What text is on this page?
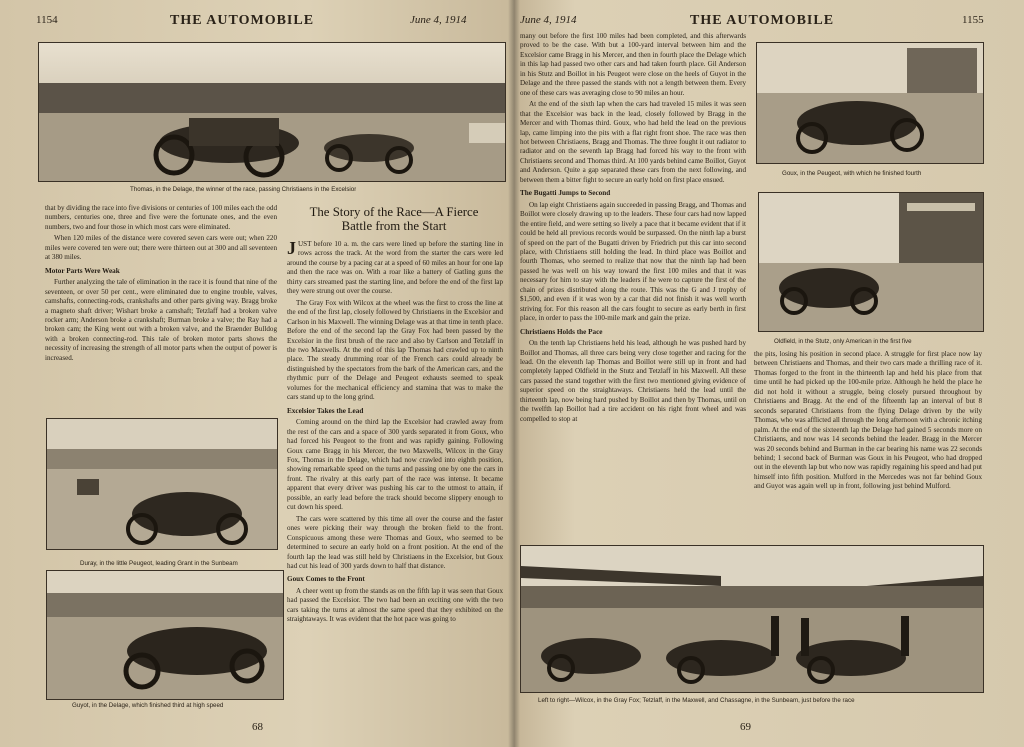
1154	THE AUTOMOBILE	June 4, 1914
Thomas, in the Delage, the winner of the race, passing Christiaens in the Excelsior

that by dividing the race into five divisions or centuries of 100 miles each the odd numbers, centuries one, three and five were the fortunate ones, and the even numbers, two and four those in which most cars were eliminated.

When 120 miles of the distance were covered seven cars were out; when 220 miles were covered ten were out; there were thirteen out at 300 and all seventeen at 380 miles.

Motor Parts Were Weak

Further analyzing the tale of elimination in the race it is found that nine of the seventeen, or over 50 per cent., were eliminated due to engine trouble, valves, camshafts, connecting-rods, crankshafts and other parts giving way. Bragg broke a magneto shaft driver; Wishart broke a camshaft; Tetzlaff had a broken valve rocker arm; Anderson broke a crankshaft; Burman broke a valve; the Ray had a broken cam; the King went out with a broken valve, and the Braender Bulldog with a broken connecting-rod. This tale of broken motor parts shows the necessity of increasing the strength of all motor parts when the output of power is increased.

Duray, in the little Peugeot, leading Grant in the Sunbeam
Guyot, in the Delage, which finished third at high speed
The Story of the Race—A Fierce
Battle from the Start

JUST before 10 a. m. the cars were lined up before the starting line in rows across the track. At the word from the starter the cars were led around the course by a pacing car at a speed of 60 miles an hour for one lap and then the race was on. With a roar like a battery of Gatling guns the thirty cars streamed past the starting line, and before the end of the first lap they were strung out over the course.

The Gray Fox with Wilcox at the wheel was the first to cross the line at the end of the first lap, closely followed by Christiaens in the Excelsior and Carlson in his Maxwell. The winning Delage was at that time in tenth place. Before the end of the second lap the Gray Fox had been passed by the Excelsior in the first brush of the race and also by Carlson and Tetzlaff in the two Maxwells. At the end of this lap Thomas had crawled up to ninth place. The steady drumming roar of the French cars could already be distinguished by the spectators from the bark of the American cars, and the rhythmic purr of the Delage and Peugeot exhausts seemed to speak volumes for the mechanical efficiency and stamina that was to make the cars stand up to the long grind.

Excelsior Takes the Lead

Coming around on the third lap the Excelsior had crawled away from the rest of the cars and a space of 300 yards separated it from Goux, who had forced his Peugeot to the front and was rapidly gaining. Following Goux came Bragg in his Mercer, the two Maxwells, Wilcox in the Gray Fox, Thomas in the Delage, which had now crawled into eighth position, showing remarkable speed on the turns and passing one by one the cars in front. The rivalry at this early part of the race was intense. It became apparent that every driver was pushing his car to the utmost to attain, if possible, an early lead before the track should become slippery enough to cut down his speed.

The cars were scattered by this time all over the course and the faster ones were picking their way through the broken field to the front. Conspicuous among these were Thomas and Goux, who seemed to be determined to secure an early hold on a front position. At the end of the fourth lap the lead was still held by Christiaens in the Excelsior, but Goux had cut his lead of 300 yards down to half that distance.

Goux Comes to the Front

A cheer went up from the stands as on the fifth lap it was seen that Goux had passed the Excelsior. The two had been an exciting one with the two cars taking the turns at almost the same speed that they exhibited on the straightaways. It was evident that the hot pace was going to

68
June 4, 1914	THE AUTOMOBILE	1155

many out before the first 100 miles had been completed, and this afterwards proved to be the case. With but a 100-yard interval between him and the Excelsior came Bragg in his Mercer, and then in fourth place the Delage which in this lap had passed two other cars and had taken fourth place. Gil Anderson in his Stutz and Boillot in his Peugeot were close on the heels of Guyot in the Delage and the three passed the stands with not a length between them. Every one of these cars was averaging close to 90 miles an hour.

At the end of the sixth lap when the cars had traveled 15 miles it was seen that the Excelsior was back in the lead, closely followed by Bragg in the Mercer and with Thomas third. Goux, who had held the lead on the previous lap, came limping into the pits with a flat right front shoe. The race was then hot between Christiaens, Bragg and Thomas. The three fought it out radiator to radiator and on the seventh lap Bragg had forced his way to the front with Christiaens second and Thomas third. At 100 yards behind came Boillot, Guyot and Anderson. Quite a gap separated these cars from the next following, and between them a bitter fight to secure an early hold on first place ensued.

The Bugatti Jumps to Second

On lap eight Christiaens again succeeded in passing Bragg, and Thomas and Boillot were closely drawing up to the leaders. These four cars had now lapped the entire field, and were setting so lively a pace that it became evident that if it could be held all previous records would be surpassed. On the ninth lap a burst of speed on the part of the Bugatti driven by Friedrich put this car into second place, with Christiaens still holding the lead. In third place was Boillot and fourth Thomas, who seemed to realize that now that the ninth lap had been passed he was well on his way toward the first 100 miles and that it was necessary for him to stay with the leaders if he were to capture the first of the chain of prizes distributed along the route. This was the G and J trophy of $1,500, and even if it was won by a car that did not finish it was well worth striving for. For this reason all the cars fought to secure as early berth in first place, in order to pass the 100-mile mark and gain the prize.

Christiaens Holds the Pace

On the tenth lap Christiaens held his lead, although he was pushed hard by Boillot and Thomas, all three cars being very close together and racing for the lead. On the eleventh lap Thomas and Boillot were still up in front and had completely lapped Oldfield in the Stutz and Tetzlaff in his Maxwell. All these cars passed the stand together with the first two mentioned giving evidence of superior speed on the straightaways. Christiaens held the lead until the thirteenth lap, now being hard pushed by Boillot and then by Thomas, until on the twelfth lap Boillot had a tire accident on his right front wheel and was compelled to stop at

Goux, in the Peugeot, with which he finished fourth
Oldfield, in the Stutz, only American in the first five

the pits, losing his position in second place. A struggle for first place now lay between Christiaens and Thomas, and their two cars made a thrilling race of it. Thomas forged to the front in the thirteenth lap and held his place from that time until he had picked up the 100-mile prize. Although he held the place he did not hold it without a struggle, being closely pursued throughout by Christiaens and Bragg. At the end of the fifteenth lap an interval of but 8 seconds separated Christiaens from the flying Delage driven by the wily Thomas, who was afflicted all through the long afternoon with a chronic itching palm. At the end of the sixteenth lap the Delage had gained 5 seconds more on Christiaens, and now was 14 seconds behind the leader. Bragg in the Mercer was 20 seconds behind and Burman in the car bearing his name was 22 seconds behind; 1 second back of Burman was Goux in his Peugeot, who had dropped out in the eleventh lap but who now was rapidly regaining his speed and had put himself into fifth position. Mulford in the Mercedes was not far behind Goux and Guyot was again well up in front, following just behind Mulford.

Left to right—Wilcox, in the Gray Fox; Tetzlaff, in the Maxwell, and Chassagne, in the Sunbeam, just before the race
69
